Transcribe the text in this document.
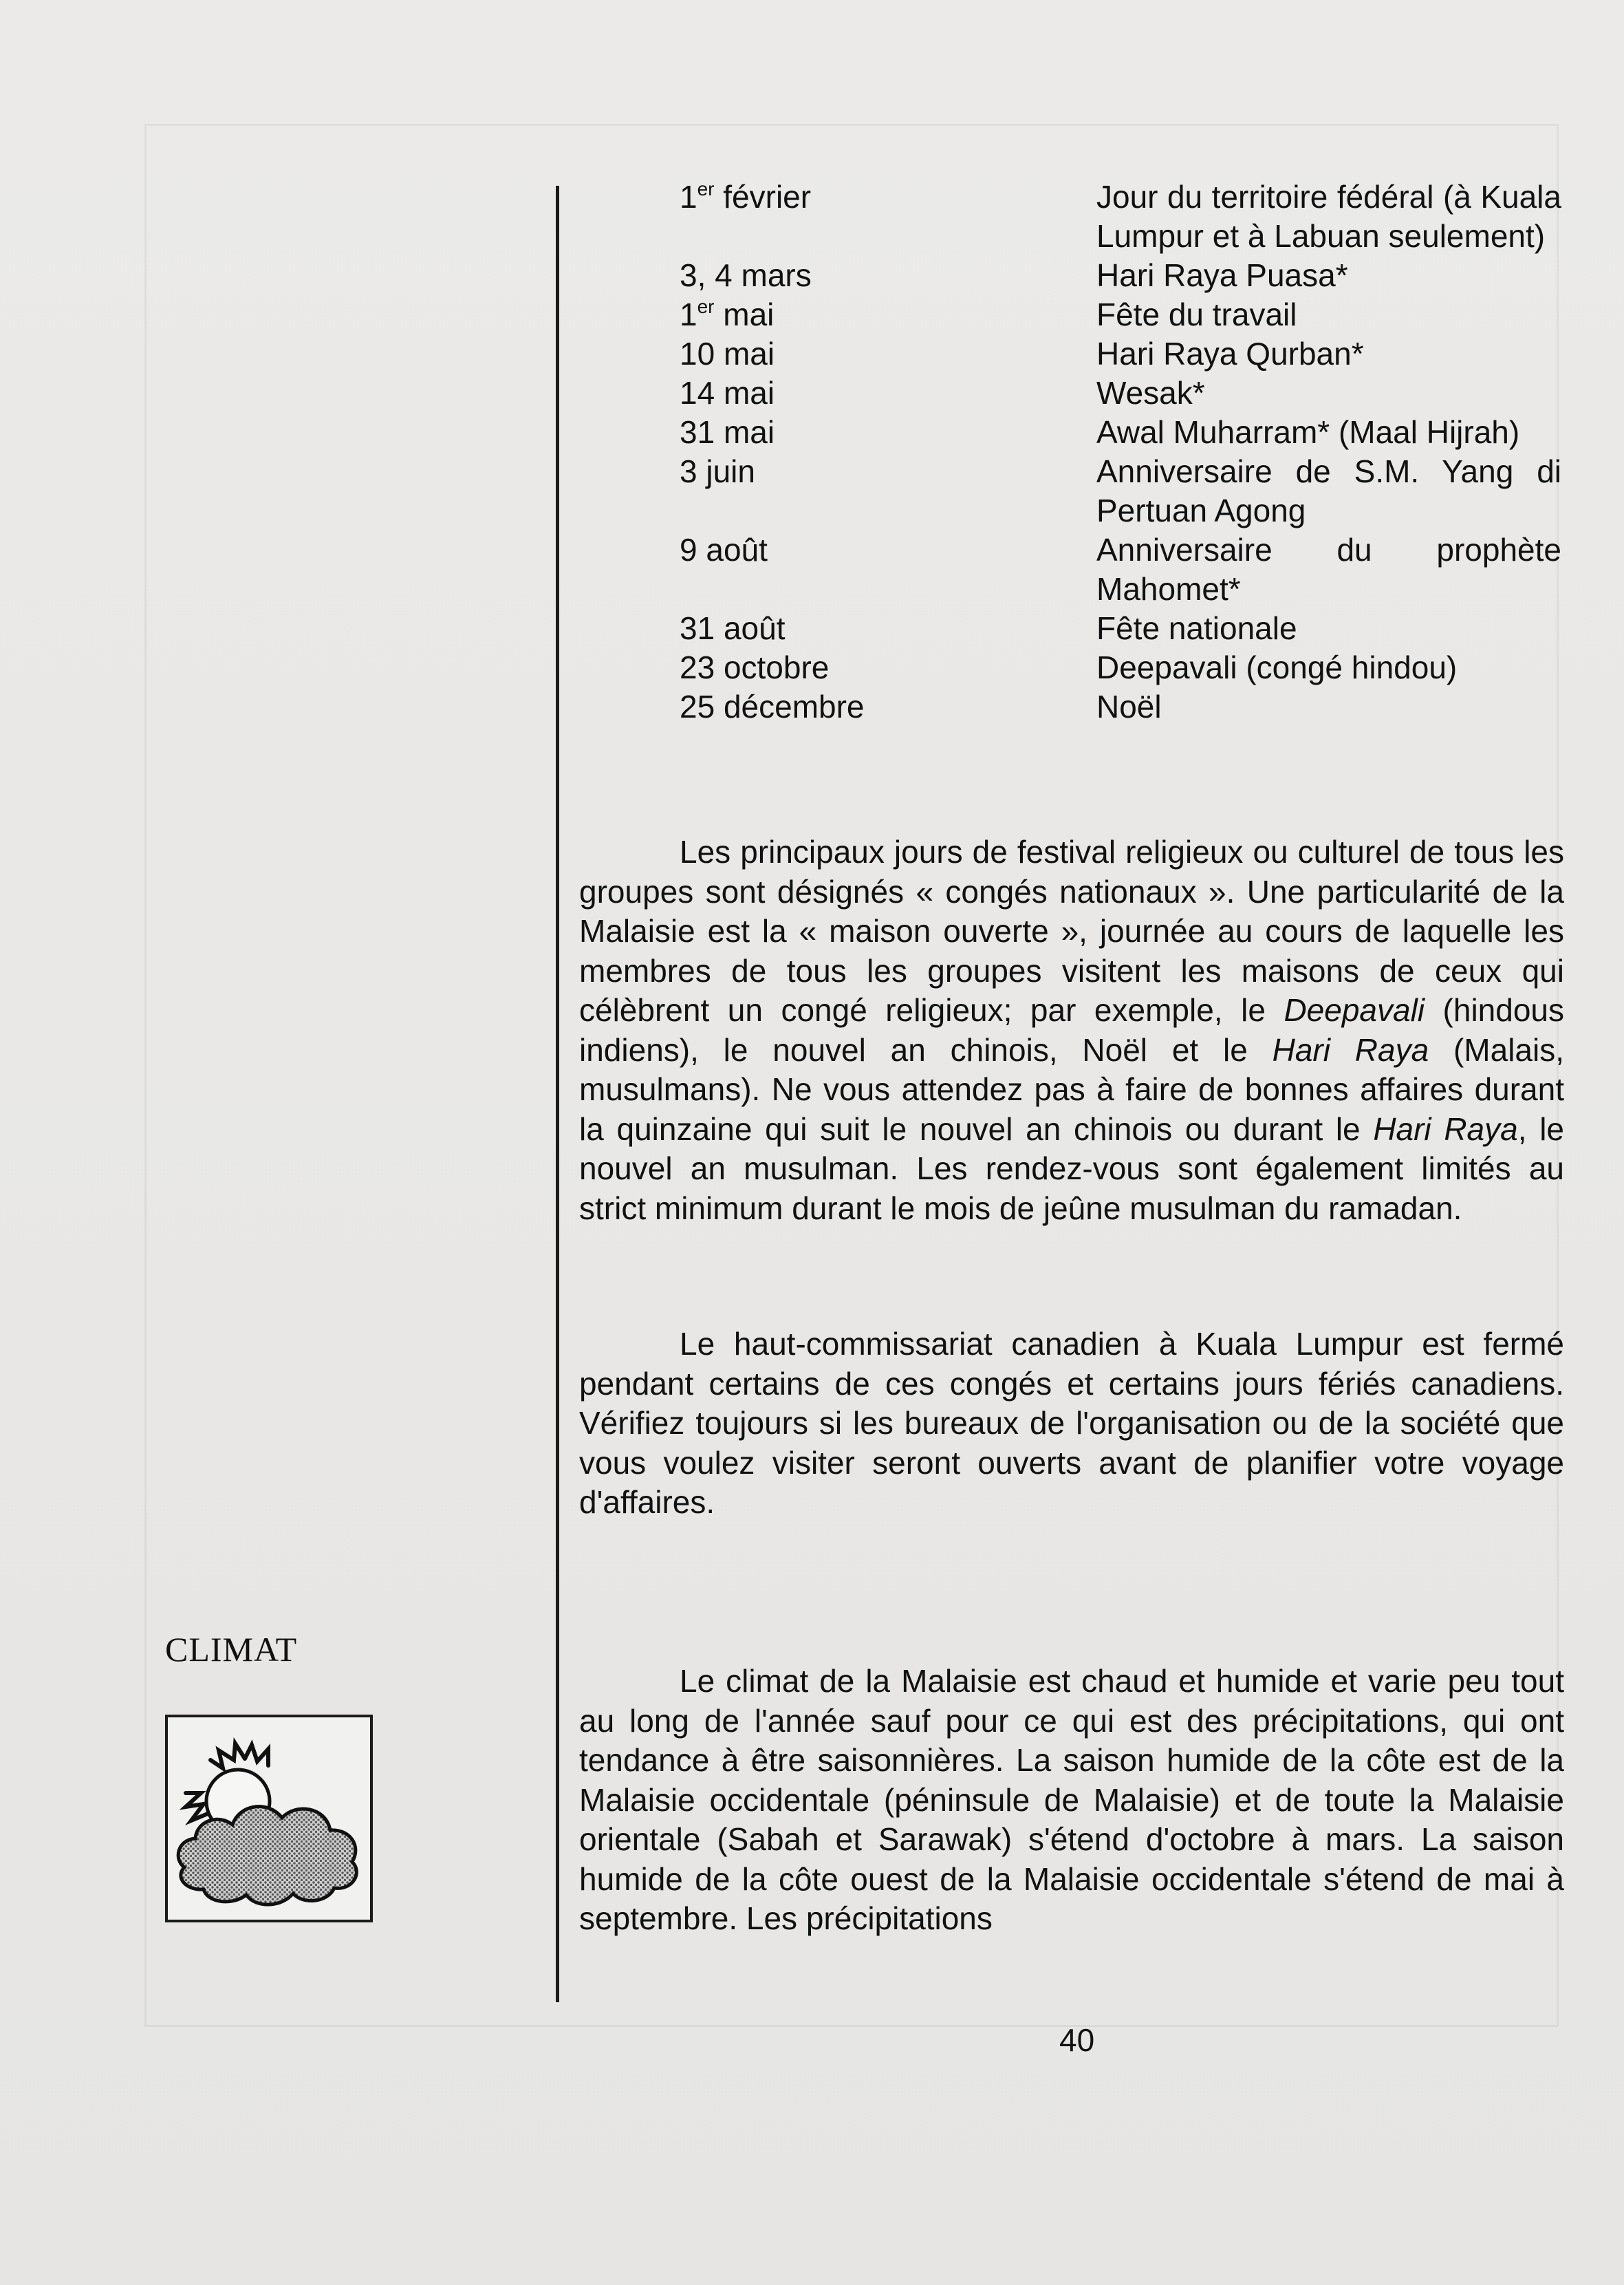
1er février	Jour du territoire fédéral (à Kuala Lumpur et à Labuan seulement)
3, 4 mars	Hari Raya Puasa*
1er mai	Fête du travail
10 mai	Hari Raya Qurban*
14 mai	Wesak*
31 mai	Awal Muharram* (Maal Hijrah)
3 juin	Anniversaire de S.M. Yang di Pertuan Agong
9 août	Anniversaire du prophète Mahomet*
31 août	Fête nationale
23 octobre	Deepavali (congé hindou)
25 décembre	Noël

Les principaux jours de festival religieux ou culturel de tous les groupes sont désignés « congés nationaux ». Une particularité de la Malaisie est la « maison ouverte », journée au cours de laquelle les membres de tous les groupes visitent les maisons de ceux qui célèbrent un congé religieux; par exemple, le Deepavali (hindous indiens), le nouvel an chinois, Noël et le Hari Raya (Malais, musulmans). Ne vous attendez pas à faire de bonnes affaires durant la quinzaine qui suit le nouvel an chinois ou durant le Hari Raya, le nouvel an musulman. Les rendez-vous sont également limités au strict minimum durant le mois de jeûne musulman du ramadan.

Le haut-commissariat canadien à Kuala Lumpur est fermé pendant certains de ces congés et certains jours fériés canadiens. Vérifiez toujours si les bureaux de l'organisation ou de la société que vous voulez visiter seront ouverts avant de planifier votre voyage d'affaires.

CLIMAT

Le climat de la Malaisie est chaud et humide et varie peu tout au long de l'année sauf pour ce qui est des précipitations, qui ont tendance à être saisonnières. La saison humide de la côte est de la Malaisie occidentale (péninsule de Malaisie) et de toute la Malaisie orientale (Sabah et Sarawak) s'étend d'octobre à mars. La saison humide de la côte ouest de la Malaisie occidentale s'étend de mai à septembre. Les précipitations

40
